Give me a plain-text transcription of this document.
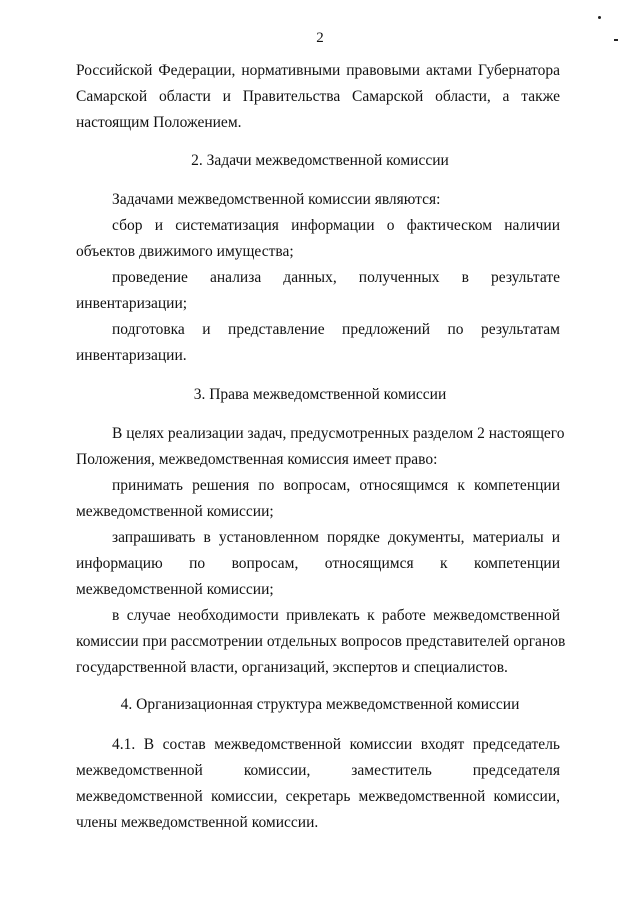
2
Российской Федерации, нормативными правовыми актами Губернатора
Самарской области и Правительства Самарской области, а также
настоящим Положением.
2. Задачи межведомственной комиссии
Задачами межведомственной комиссии являются:
сбор и систематизация информации о фактическом наличии
объектов движимого имущества;
проведение анализа данных, полученных в результате
инвентаризации;
подготовка и представление предложений по результатам
инвентаризации.
3. Права межведомственной комиссии
В целях реализации задач, предусмотренных разделом 2 настоящего
Положения, межведомственная комиссия имеет право:
принимать решения по вопросам, относящимся к компетенции
межведомственной комиссии;
запрашивать в установленном порядке документы, материалы и
информацию по вопросам, относящимся к компетенции
межведомственной комиссии;
в случае необходимости привлекать к работе межведомственной
комиссии при рассмотрении отдельных вопросов представителей органов
государственной власти, организаций, экспертов и специалистов.
4. Организационная структура межведомственной комиссии
4.1. В состав межведомственной комиссии входят председатель
межведомственной комиссии, заместитель председателя
межведомственной комиссии, секретарь межведомственной комиссии,
члены межведомственной комиссии.
